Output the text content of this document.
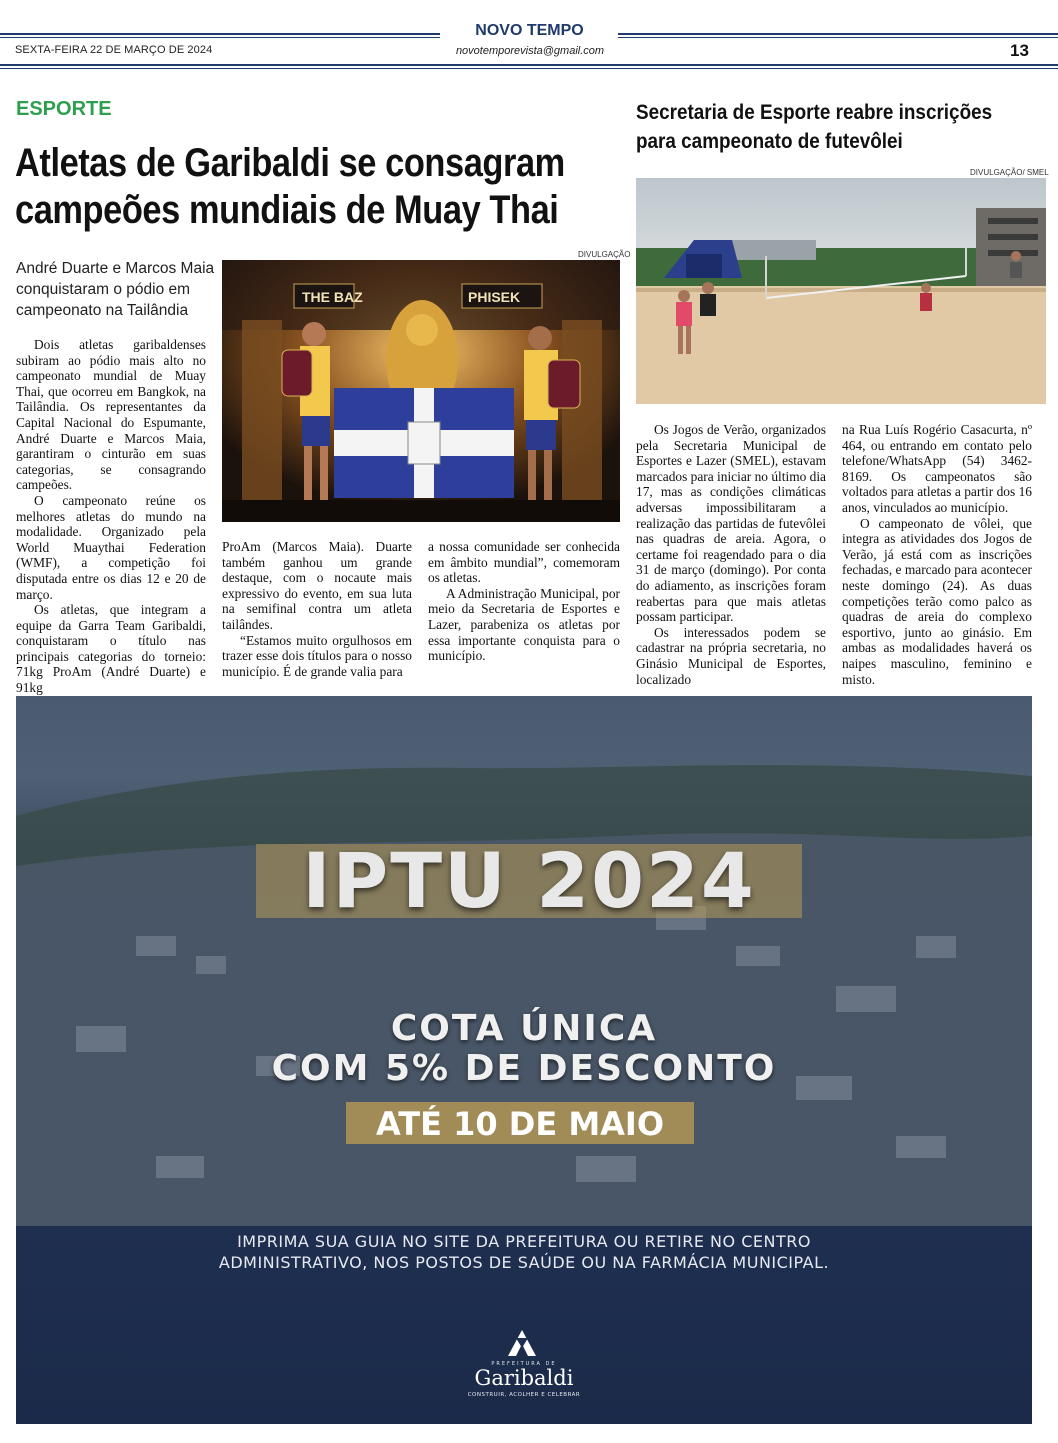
NOVO TEMPO
SEXTA-FEIRA 22 DE MARÇO DE 2024	novotemporevista@gmail.com	13
ESPORTE
Atletas de Garibaldi se consagram
campeões mundiais de Muay Thai
André Duarte e Marcos Maia conquistaram o pódio em campeonato na Tailândia
DIVULGAÇÃO
THE BAZ	PHISEK

Dois atletas garibaldenses subiram ao pódio mais alto no campeonato mundial de Muay Thai, que ocorreu em Bangkok, na Tailândia. Os representantes da Capital Nacional do Espumante, André Duarte e Marcos Maia, garantiram o cinturão em suas categorias, se consagrando campeões.

O campeonato reúne os melhores atletas do mundo na modalidade. Organizado pela World Muaythai Federation (WMF), a competição foi disputada entre os dias 12 e 20 de março.

Os atletas, que integram a equipe da Garra Team Garibaldi, conquistaram o título nas principais categorias do torneio: 71kg ProAm (André Duarte) e 91kg

ProAm (Marcos Maia). Duarte também ganhou um grande destaque, com o nocaute mais expressivo do evento, em sua luta na semifinal contra um atleta tailândes.

“Estamos muito orgulhosos em trazer esse dois títulos para o nosso município. É de grande valia para

a nossa comunidade ser conhecida em âmbito mundial”, comemoram os atletas.

A Administração Municipal, por meio da Secretaria de Esportes e Lazer, parabeniza os atletas por essa importante conquista para o município.

Secretaria de Esporte reabre inscrições
para campeonato de futevôlei
DIVULGAÇÃO/ SMEL

Os Jogos de Verão, organizados pela Secretaria Municipal de Esportes e Lazer (SMEL), estavam marcados para iniciar no último dia 17, mas as condições climáticas adversas impossibilitaram a realização das partidas de futevôlei nas quadras de areia. Agora, o certame foi reagendado para o dia 31 de março (domingo). Por conta do adiamento, as inscrições foram reabertas para que mais atletas possam participar.

Os interessados podem se cadastrar na própria secretaria, no Ginásio Municipal de Esportes, localizado

na Rua Luís Rogério Casacurta, nº 464, ou entrando em contato pelo telefone/WhatsApp (54) 3462-8169. Os campeonatos são voltados para atletas a partir dos 16 anos, vinculados ao município.

O campeonato de vôlei, que integra as atividades dos Jogos de Verão, já está com as inscrições fechadas, e marcado para acontecer neste domingo (24). As duas competições terão como palco as quadras de areia do complexo esportivo, junto ao ginásio. Em ambas as modalidades haverá os naipes masculino, feminino e misto.

IPTU 2024
COTA ÚNICA
COM 5% DE DESCONTO
ATÉ 10 DE MAIO
IMPRIMA SUA GUIA NO SITE DA PREFEITURA OU RETIRE NO CENTRO ADMINISTRATIVO, NOS POSTOS DE SAÚDE OU NA FARMÁCIA MUNICIPAL.
PREFEITURA DE
Garibaldi
CONSTRUIR, ACOLHER E CELEBRAR
